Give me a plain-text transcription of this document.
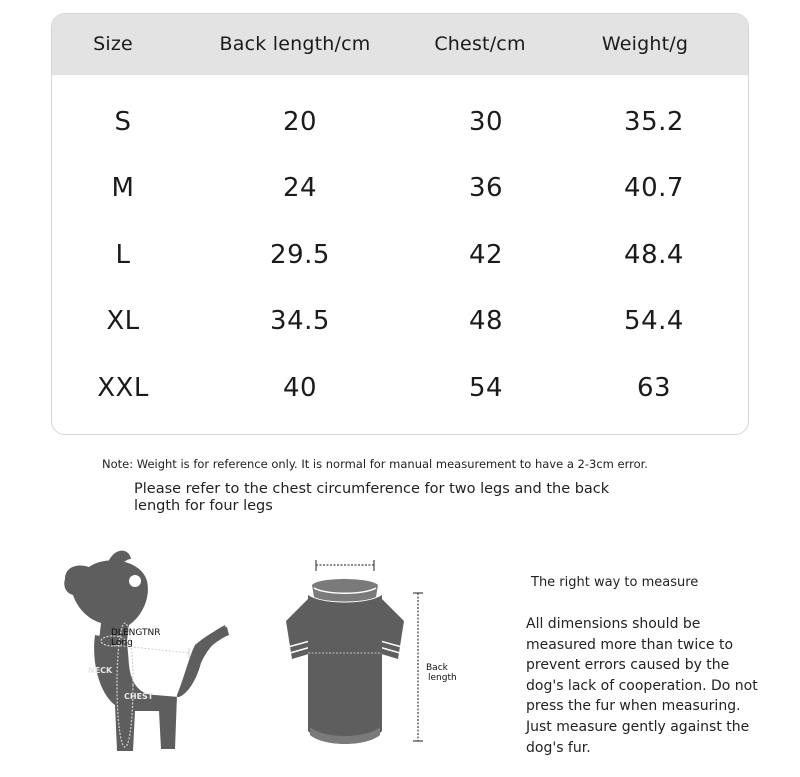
Size	Back length/cm	Chest/cm	Weight/g
S	20	30	35.2
M	24	36	40.7
L	29.5	42	48.4
XL	34.5	48	54.4
XXL	40	54	63
Note: Weight is for reference only. It is normal for manual measurement to have a 2-3cm error.
Please refer to the chest circumference for two legs and the back length for four legs
DLENGTNR
Long
NECK
CHEST
Back
length
The right way to measure
All dimensions should be measured more than twice to prevent errors caused by the dog's lack of cooperation. Do not press the fur when measuring. Just measure gently against the dog's fur.
